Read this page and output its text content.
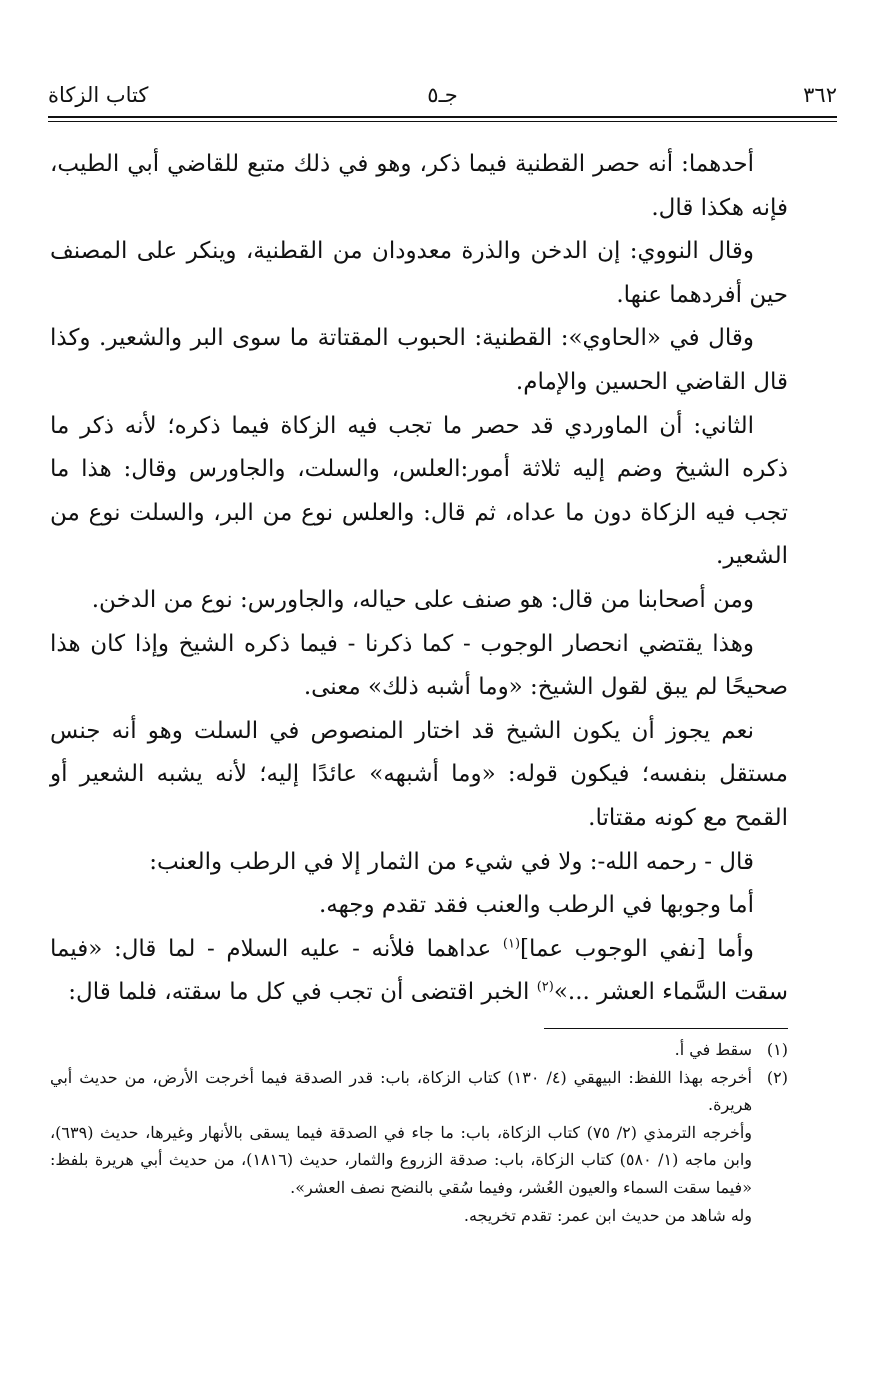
٣٦٢
جـ٥
كتاب الزكاة

أحدهما: أنه حصر القطنية فيما ذكر، وهو في ذلك متبع للقاضي أبي الطيب، فإنه هكذا قال.

وقال النووي: إن الدخن والذرة معدودان من القطنية، وينكر على المصنف حين أفردهما عنها.

وقال في «الحاوي»: القطنية: الحبوب المقتاتة ما سوى البر والشعير. وكذا قال القاضي الحسين والإمام.

الثاني: أن الماوردي قد حصر ما تجب فيه الزكاة فيما ذكره؛ لأنه ذكر ما ذكره الشيخ وضم إليه ثلاثة أمور:العلس، والسلت، والجاورس وقال: هذا ما تجب فيه الزكاة دون ما عداه، ثم قال: والعلس نوع من البر، والسلت نوع من الشعير.

ومن أصحابنا من قال: هو صنف على حياله، والجاورس: نوع من الدخن.

وهذا يقتضي انحصار الوجوب - كما ذكرنا - فيما ذكره الشيخ وإذا كان هذا صحيحًا لم يبق لقول الشيخ: «وما أشبه ذلك» معنى.

نعم يجوز أن يكون الشيخ قد اختار المنصوص في السلت وهو أنه جنس مستقل بنفسه؛ فيكون قوله: «وما أشبهه» عائدًا إليه؛ لأنه يشبه الشعير أو القمح مع كونه مقتاتا.

قال - رحمه الله-: ولا في شيء من الثمار إلا في الرطب والعنب:

أما وجوبها في الرطب والعنب فقد تقدم وجهه.

وأما [نفي الوجوب عما]$^{(١)}$ عداهما فلأنه - عليه السلام - لما قال: «فيما سقت السَّماء العشر ...»$^{(٢)}$ الخبر اقتضى أن تجب في كل ما سقته، فلما قال:

(١)
سقط في أ.
(٢)
أخرجه بهذا اللفظ: البيهقي (٤/ ١٣٠) كتاب الزكاة، باب: قدر الصدقة فيما أخرجت الأرض، من حديث أبي هريرة.

وأخرجه الترمذي (٢/ ٧٥) كتاب الزكاة، باب: ما جاء في الصدقة فيما يسقى بالأنهار وغيرها، حديث (٦٣٩)، وابن ماجه (١/ ٥٨٠) كتاب الزكاة، باب: صدقة الزروع والثمار، حديث (١٨١٦)، من حديث أبي هريرة بلفظ: «فيما سقت السماء والعيون العُشر، وفيما سُقي بالنضح نصف العشر».

وله شاهد من حديث ابن عمر: تقدم تخريجه.
